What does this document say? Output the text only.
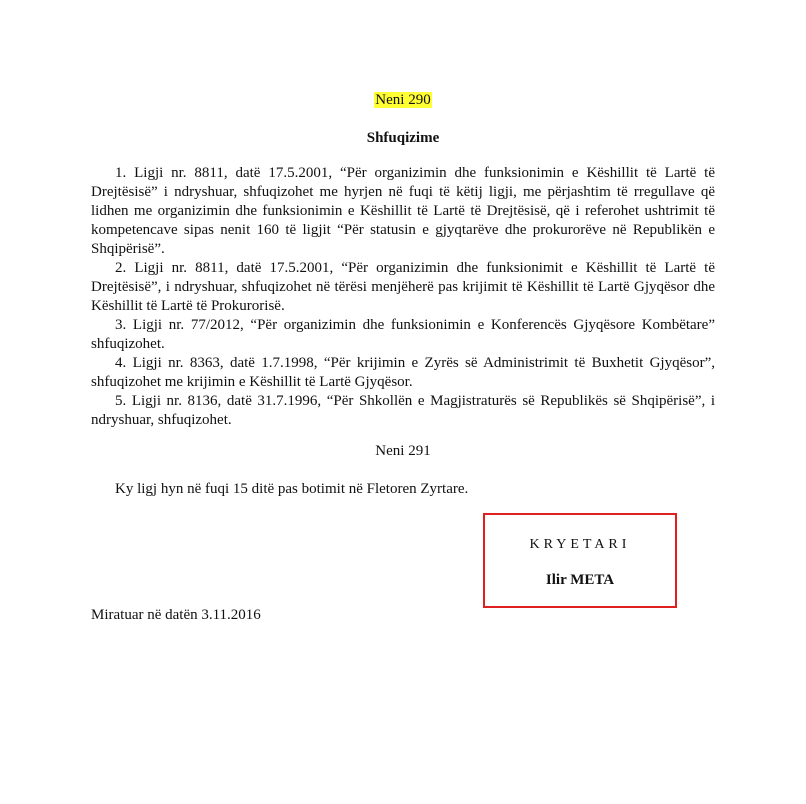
Neni 290
Shfuqizime

1. Ligji nr. 8811, datë 17.5.2001, “Për organizimin dhe funksionimin e Këshillit të Lartë të Drejtësisë” i ndryshuar, shfuqizohet me hyrjen në fuqi të këtij ligji, me përjashtim të rregullave që lidhen me organizimin dhe funksionimin e Këshillit të Lartë të Drejtësisë, që i referohet ushtrimit të kompetencave sipas nenit 160 të ligjit “Për statusin e gjyqtarëve dhe prokurorëve në Republikën e Shqipërisë”.

2. Ligji nr. 8811, datë 17.5.2001, “Për organizimin dhe funksionimit e Këshillit të Lartë të Drejtësisë”, i ndryshuar, shfuqizohet në tërësi menjëherë pas krijimit të Këshillit të Lartë Gjyqësor dhe Këshillit të Lartë të Prokurorisë.

3. Ligji nr. 77/2012, “Për organizimin dhe funksionimin e Konferencës Gjyqësore Kombëtare” shfuqizohet.

4. Ligji nr. 8363, datë 1.7.1998, “Për krijimin e Zyrës së Administrimit të Buxhetit Gjyqësor”, shfuqizohet me krijimin e Këshillit të Lartë Gjyqësor.

5. Ligji nr. 8136, datë 31.7.1996, “Për Shkollën e Magjistraturës së Republikës së Shqipërisë”, i ndryshuar, shfuqizohet.

Neni 291
Ky ligj hyn në fuqi 15 ditë pas botimit në Fletoren Zyrtare.
KRYETARI
Ilir META
Miratuar në datën 3.11.2016
